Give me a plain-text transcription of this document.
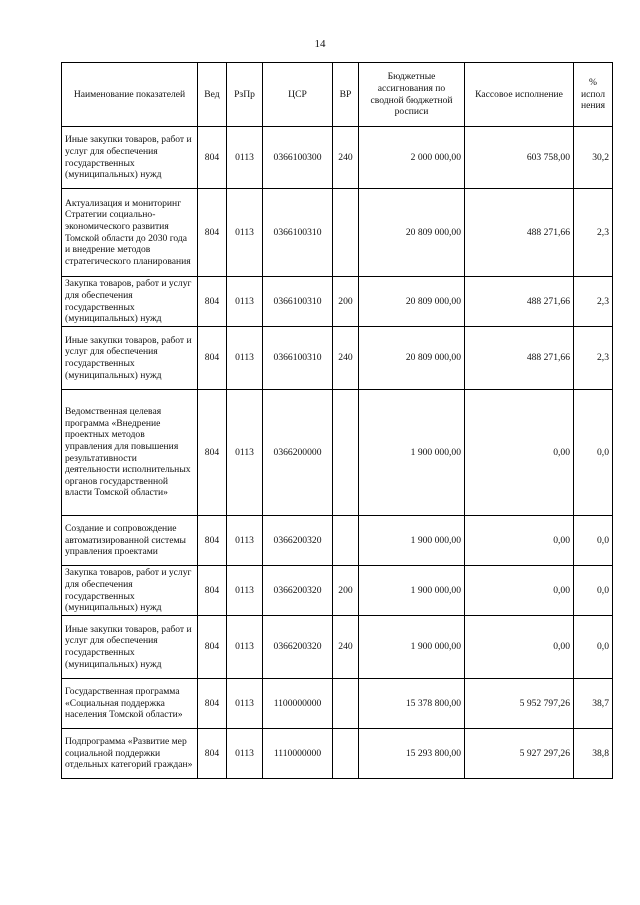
14
Наименование показателей	Вед	РзПр	ЦСР	ВР	Бюджетные ассигнования по сводной бюджетной росписи	Кассовое исполнение	% испол нения
Иные закупки товаров, работ и услуг для обеспечения государственных (муниципальных) нужд	804	0113	0366100300	240	2 000 000,00	603 758,00	30,2
Актуализация и мониторинг Стратегии социально-экономического развития Томской области до 2030 года и внедрение методов стратегического планирования	804	0113	0366100310		20 809 000,00	488 271,66	2,3
Закупка товаров, работ и услуг для обеспечения государственных (муниципальных) нужд	804	0113	0366100310	200	20 809 000,00	488 271,66	2,3
Иные закупки товаров, работ и услуг для обеспечения государственных (муниципальных) нужд	804	0113	0366100310	240	20 809 000,00	488 271,66	2,3
Ведомственная целевая программа «Внедрение проектных методов управления для повышения результативности деятельности исполнительных органов государственной власти Томской области»	804	0113	0366200000		1 900 000,00	0,00	0,0
Создание и сопровождение автоматизированной системы управления проектами	804	0113	0366200320		1 900 000,00	0,00	0,0
Закупка товаров, работ и услуг для обеспечения государственных (муниципальных) нужд	804	0113	0366200320	200	1 900 000,00	0,00	0,0
Иные закупки товаров, работ и услуг для обеспечения государственных (муниципальных) нужд	804	0113	0366200320	240	1 900 000,00	0,00	0,0
Государственная программа «Социальная поддержка населения Томской области»	804	0113	1100000000		15 378 800,00	5 952 797,26	38,7
Подпрограмма «Развитие мер социальной поддержки отдельных категорий граждан»	804	0113	1110000000		15 293 800,00	5 927 297,26	38,8
